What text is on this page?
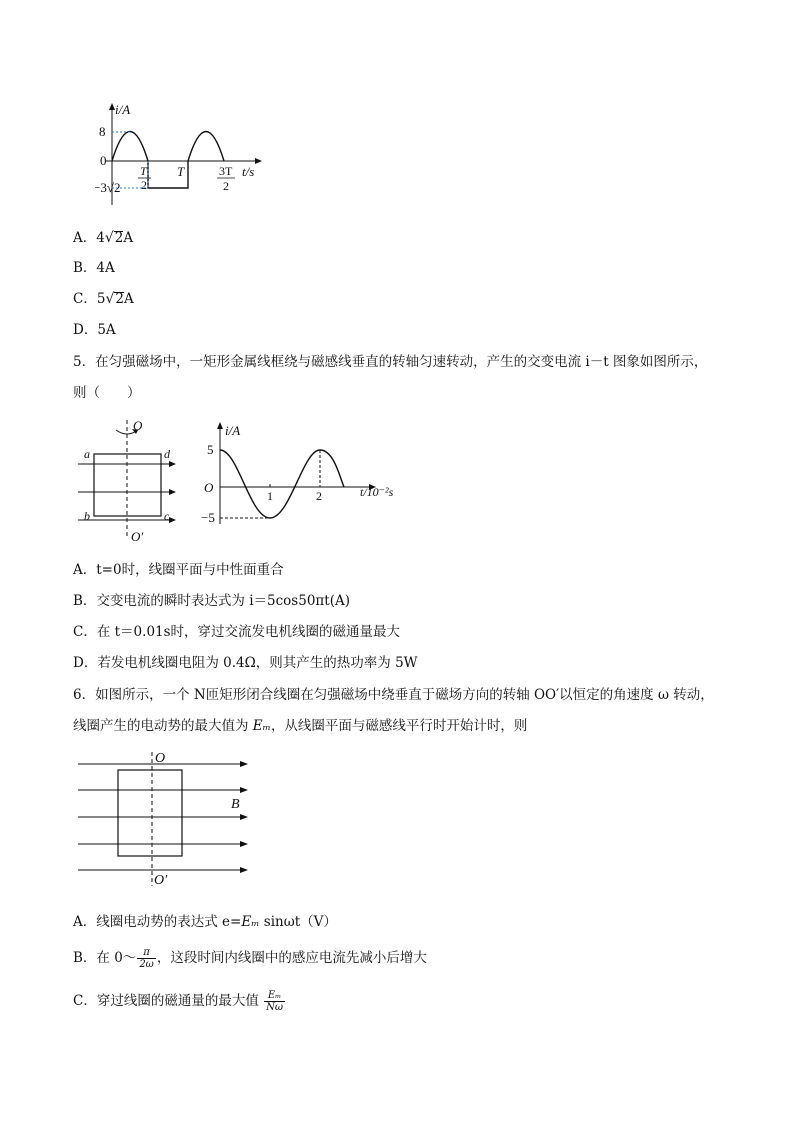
i/A
8
0
−3√2
T
2
T	3T
2
t/s
A．4√2A
B．4A
C．5√2A
D．5A
5．在匀强磁场中，一矩形金属线框绕与磁感线垂直的转轴匀速转动，产生的交变电流 i－t 图象如图所示，
则（　　）
O
O′
a
b	c
d
i/A
5
O
−5
1	2	t/10⁻²s
A．t=0时，线圈平面与中性面重合
B．交变电流的瞬时表达式为 i＝5cos50πt(A)
C．在 t＝0.01s时，穿过交流发电机线圈的磁通量最大
D．若发电机线圈电阻为 0.4Ω，则其产生的热功率为 5W
6．如图所示，一个 N匝矩形闭合线圈在匀强磁场中绕垂直于磁场方向的转轴 OO′以恒定的角速度 ω 转动，
线圈产生的电动势的最大值为 Eₘ，从线圈平面与磁感线平行时开始计时，则
O
O′
B
A．线圈电动势的表达式 e=Eₘ sinωt（V）
B．在 0～ $\frac{\pi}{2\omega}$ ，这段时间内线圈中的感应电流先减小后增大
C．穿过线圈的磁通量的最大值 $\frac{\text{Eₘ}}{N\omega}$
